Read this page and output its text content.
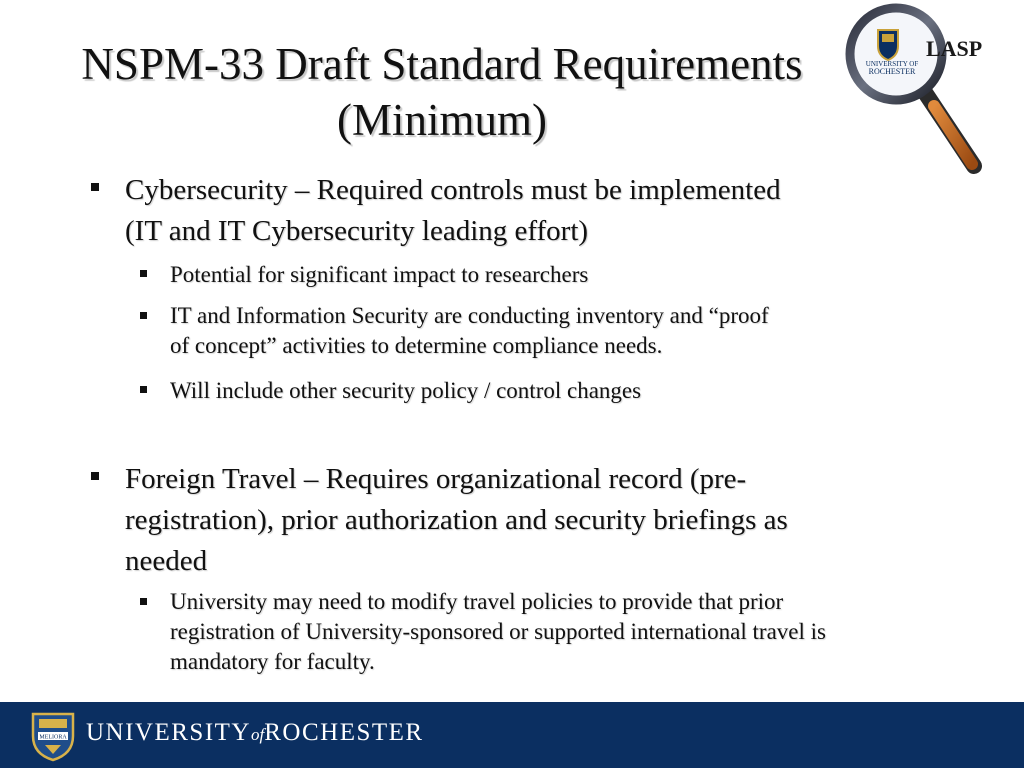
NSPM-33 Draft Standard Requirements
(Minimum)
UNIVERSITY OF
ROCHESTER
LASP
Cybersecurity – Required controls must be implemented
(IT and IT Cybersecurity leading effort)
Potential for significant impact to researchers
IT and Information Security are conducting inventory and “proof
of concept” activities to determine compliance needs.
Will include other security policy / control changes
Foreign Travel – Requires organizational record (pre-
registration), prior authorization and security briefings as
needed
University may need to modify travel policies to provide that prior
registration of University-sponsored or supported international travel is
mandatory for faculty.
MELIORA UNIVERSITYofROCHESTER
